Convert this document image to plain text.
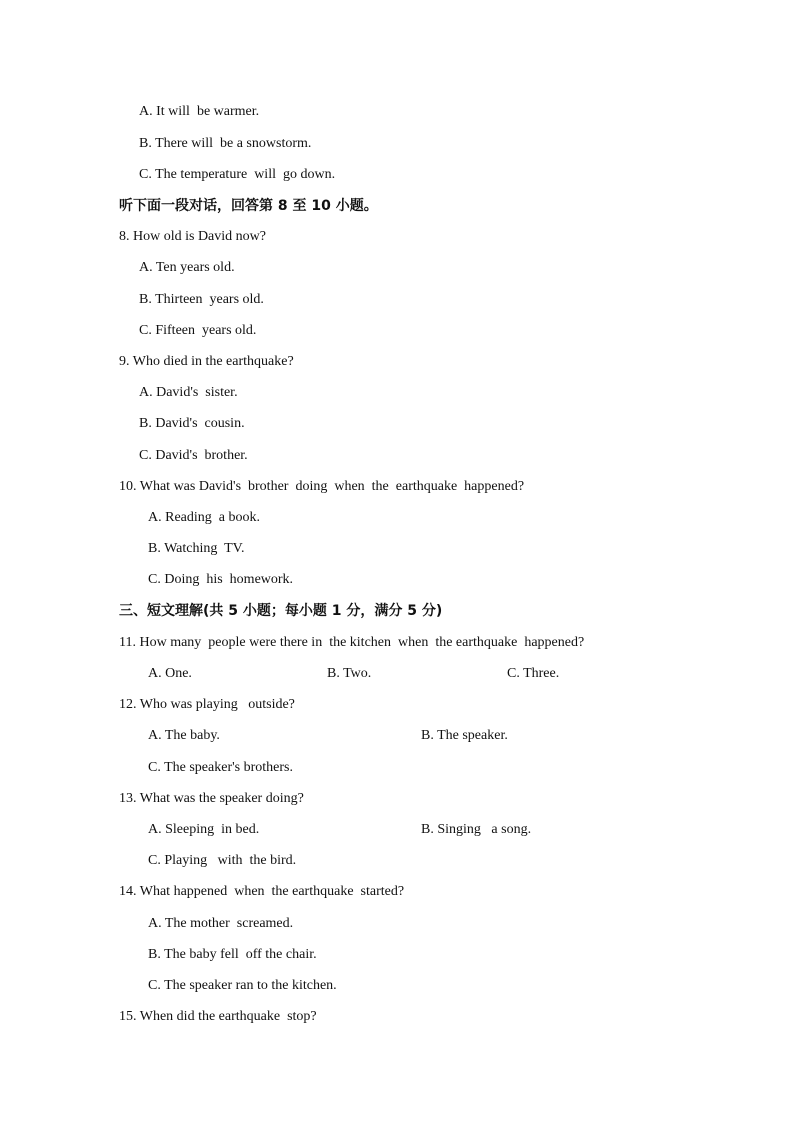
A. It will  be warmer.
B. There will  be a snowstorm.
C. The temperature  will  go down.
听下面一段对话，回答第 8 至 10 小题。
8. How old is David now?
A. Ten years old.
B. Thirteen  years old.
C. Fifteen  years old.
9. Who died in the earthquake?
A. David's  sister.
B. David's  cousin.
C. David's  brother.
10. What was David's  brother  doing  when  the  earthquake  happened?
A. Reading  a book.
B. Watching  TV.
C. Doing  his  homework.
三、短文理解(共 5 小题；每小题 1 分，满分 5 分)
11. How many  people were there in  the kitchen  when  the earthquake  happened?
A. One.	B. Two.	C. Three.
12. Who was playing   outside?
A. The baby.	B. The speaker.
C. The speaker's brothers.
13. What was the speaker doing?
A. Sleeping  in bed.	B. Singing   a song.
C. Playing   with  the bird.
14. What happened  when  the earthquake  started?
A. The mother  screamed.
B. The baby fell  off the chair.
C. The speaker ran to the kitchen.
15. When did the earthquake  stop?
